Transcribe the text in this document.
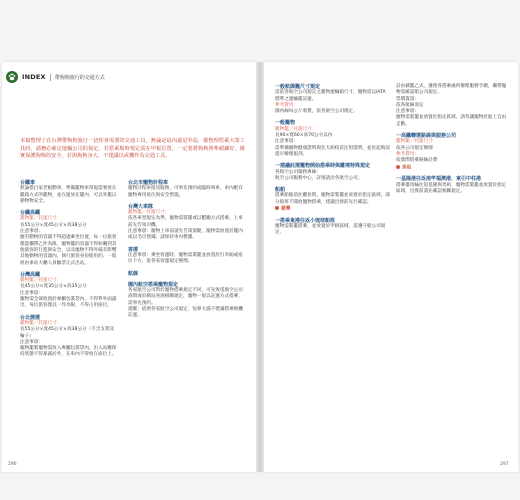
INDEX 帶狗狗旅行的交通方式

本篇整理了在台灣帶狗狗旅行一切你會需要的交通工具，無論是島內還是外島，都整理搭乘大眾工具時，請務必確定運輸公司的規定，若搭乘船時規定需在甲板位置，一定要將狗狗照牽緒鍊好，確實保護狗狗的安全，若與狗狗身大，不建議以戒機作為交通工具。

台鐵車
無論搭目家老板動事，準備籠物車常規需要放在籠箱方式的籠物，並在運放在籠內，可以外籠以動物物安全。
台鐵高鐵
籠物籠／托運尺寸：
長55公分×寬45公分×高38公分
注意事項：
寵有動物的容器不得超過乘坐位置，每一位旅客僅能攜帶乙件為限，寵物籠的容器不得妨礙到其他旅客的行進與安全，以及寵物不得外漏有影響其他動物的容器內，執行旅客身份使用的，一般經由車站大廳人員驗票正式出站。
台灣高鐵
籠物籠／托運尺寸：
長45公分×寬35公分×高35公分
注意事項：
寵物需全部放置於專屬包裝袋內，不得對外面露出，每位旅客僅以一件為限，不得占用座位。
台北捷運
籠物籠／托運尺寸：
長55公分×寬45公分×高38公分（不含支架及輪子）
注意事項：
寵物籠裝寵物需放入專屬包裝袋內，出入站應保持狀態不得暴露於外，在車內不得放在座位上。
台北市寵物計程車
寵物計程車接送服務，可事先預約或臨時叫車，車內配有寵物專用座位與安全措施。
台灣大車隊
籠物籠／托運尺寸：
依各車型規定為準，寵物需裝籠或以繫繩方式搭乘，上車前先告知司機。
注意事項：寵物上車前請先告知駕駛，寵物需放置於籠內或以毛巾墊鋪，請保持車內整潔。
客運
注意事項：乘坐客運時，寵物需裝籠並放置於行李廂或座位下方，依各家客運規定辦理。
航線
國內航空搭乘寵物規定
各家航空公司對於寵物搭乘規定不同，可先致電航空公司詢問或於網站查詢相關規定，寵物一般以託運方式搭乘，需事先預約。
提醒：依照各家航空公司規定，短鼻犬貓不建議搭乘飛機託運。
一般航線籠尺寸規定
需依各航空公司規定之籠物運輸箱尺寸，寵物需以IATA標準之運輸籠託運。
參考費用：
國內線每公斤收費，依各航空公司規定。
一般籠物
籠物籠／托運尺寸：
長90×寬60×高70公分以內
注意事項：
需準備寵物健康證明與狂犬病疫苗注射證明，並於起飛前提早辦理報到。
一建議託運籠物開始搭乘時與離境特殊規定
各航空公司服務專線：
航空公司服務中心，詳情請洽各航空公司。
船舶
搭乘船舶前往離島時，寵物需裝籠並放置於指定區域，部分船班不開放寵物搭乘，建議出發前先行確認。
臺灣
一搭乘東港往返小琉球船班
寵物需裝籠搭乘，並放置於甲板區域，需遵守船公司規定。
詩由載籠乙式，遵照各搭乘處所辦理服務手續，攜帶寵物需確認船公司規定。
票價資訊：
依各航線而定
注意事項：
寵物需裝籠並放置於指定區域，請勿讓寵物於船上自由走動。
一高鐵轉運路線與服務公司
籠物籠／托運尺寸：
依各公司規定辦理
參考費用：
依實際搭乘路線計費
馬祖
一基隆港往返南竿福澳港、東引中柱港
搭乘臺馬輪往返基隆與馬祖，寵物需裝籠並放置於指定區域，出發前請先確認相關規定。
296	297
